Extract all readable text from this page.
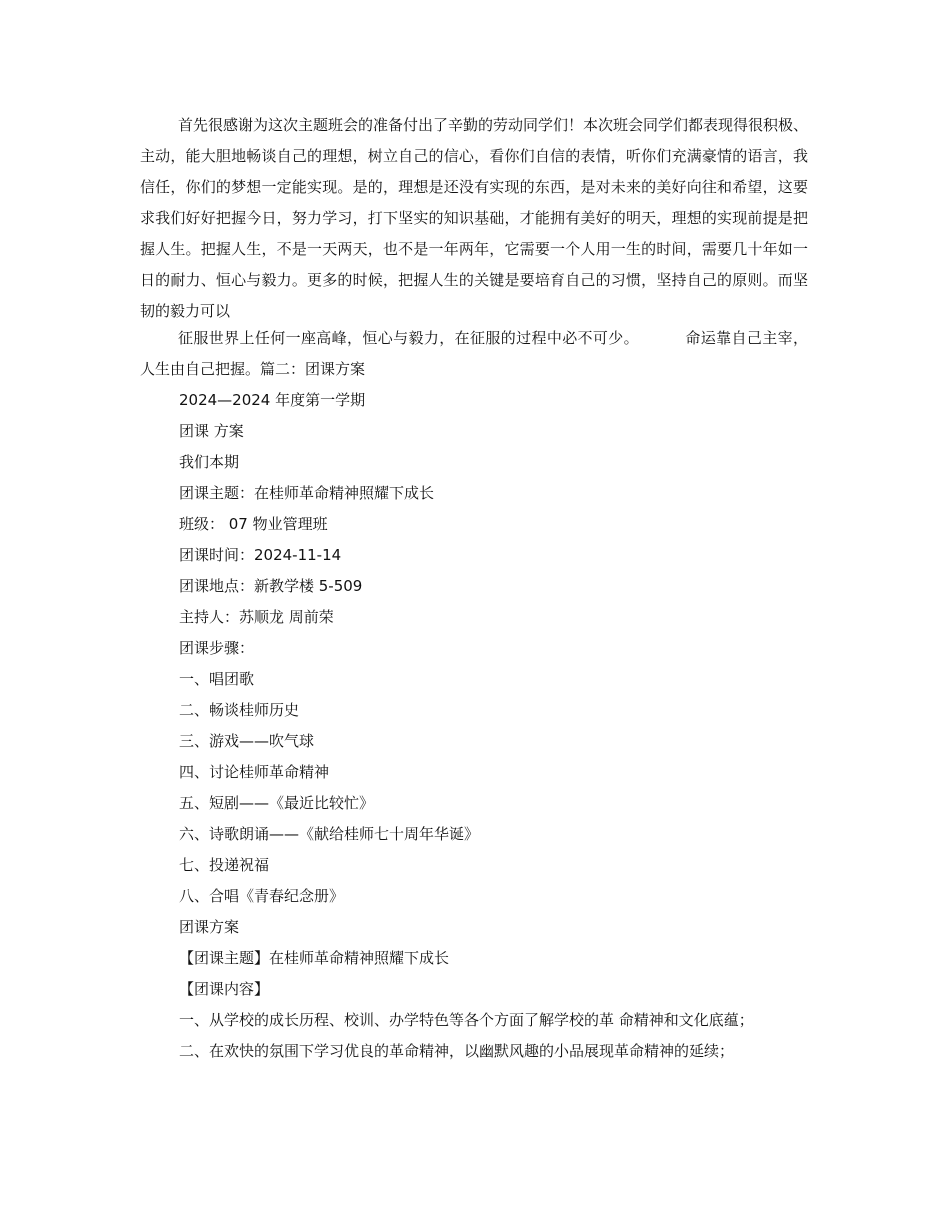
首先很感谢为这次主题班会的准备付出了辛勤的劳动同学们！本次班会同学们都表现得很积极、主动，能大胆地畅谈自己的理想，树立自己的信心，看你们自信的表情，听你们充满豪情的语言，我信任，你们的梦想一定能实现。是的，理想是还没有实现的东西，是对未来的美好向往和希望，这要求我们好好把握今日，努力学习，打下坚实的知识基础，才能拥有美好的明天，理想的实现前提是把握人生。把握人生，不是一天两天，也不是一年两年，它需要一个人用一生的时间，需要几十年如一日的耐力、恒心与毅力。更多的时候，把握人生的关键是要培育自己的习惯，坚持自己的原则。而坚韧的毅力可以

征服世界上任何一座高峰，恒心与毅力，在征服的过程中必不可少。	命运靠自己主宰，人生由自己把握。篇二：团课方案

2024—2024 年度第一学期
团课 方案
我们本期
团课主题：在桂师革命精神照耀下成长
班级： 07 物业管理班
团课时间：2024-11-14
团课地点：新教学楼 5-509
主持人：苏顺龙 周前荣
团课步骤：
一、唱团歌
二、畅谈桂师历史
三、游戏——吹气球
四、讨论桂师革命精神
五、短剧——《最近比较忙》
六、诗歌朗诵——《献给桂师七十周年华诞》
七、投递祝福
八、合唱《青春纪念册》
团课方案
【团课主题】在桂师革命精神照耀下成长
【团课内容】
一、从学校的成长历程、校训、办学特色等各个方面了解学校的革 命精神和文化底蕴；
二、在欢快的氛围下学习优良的革命精神，以幽默风趣的小品展现革命精神的延续；
